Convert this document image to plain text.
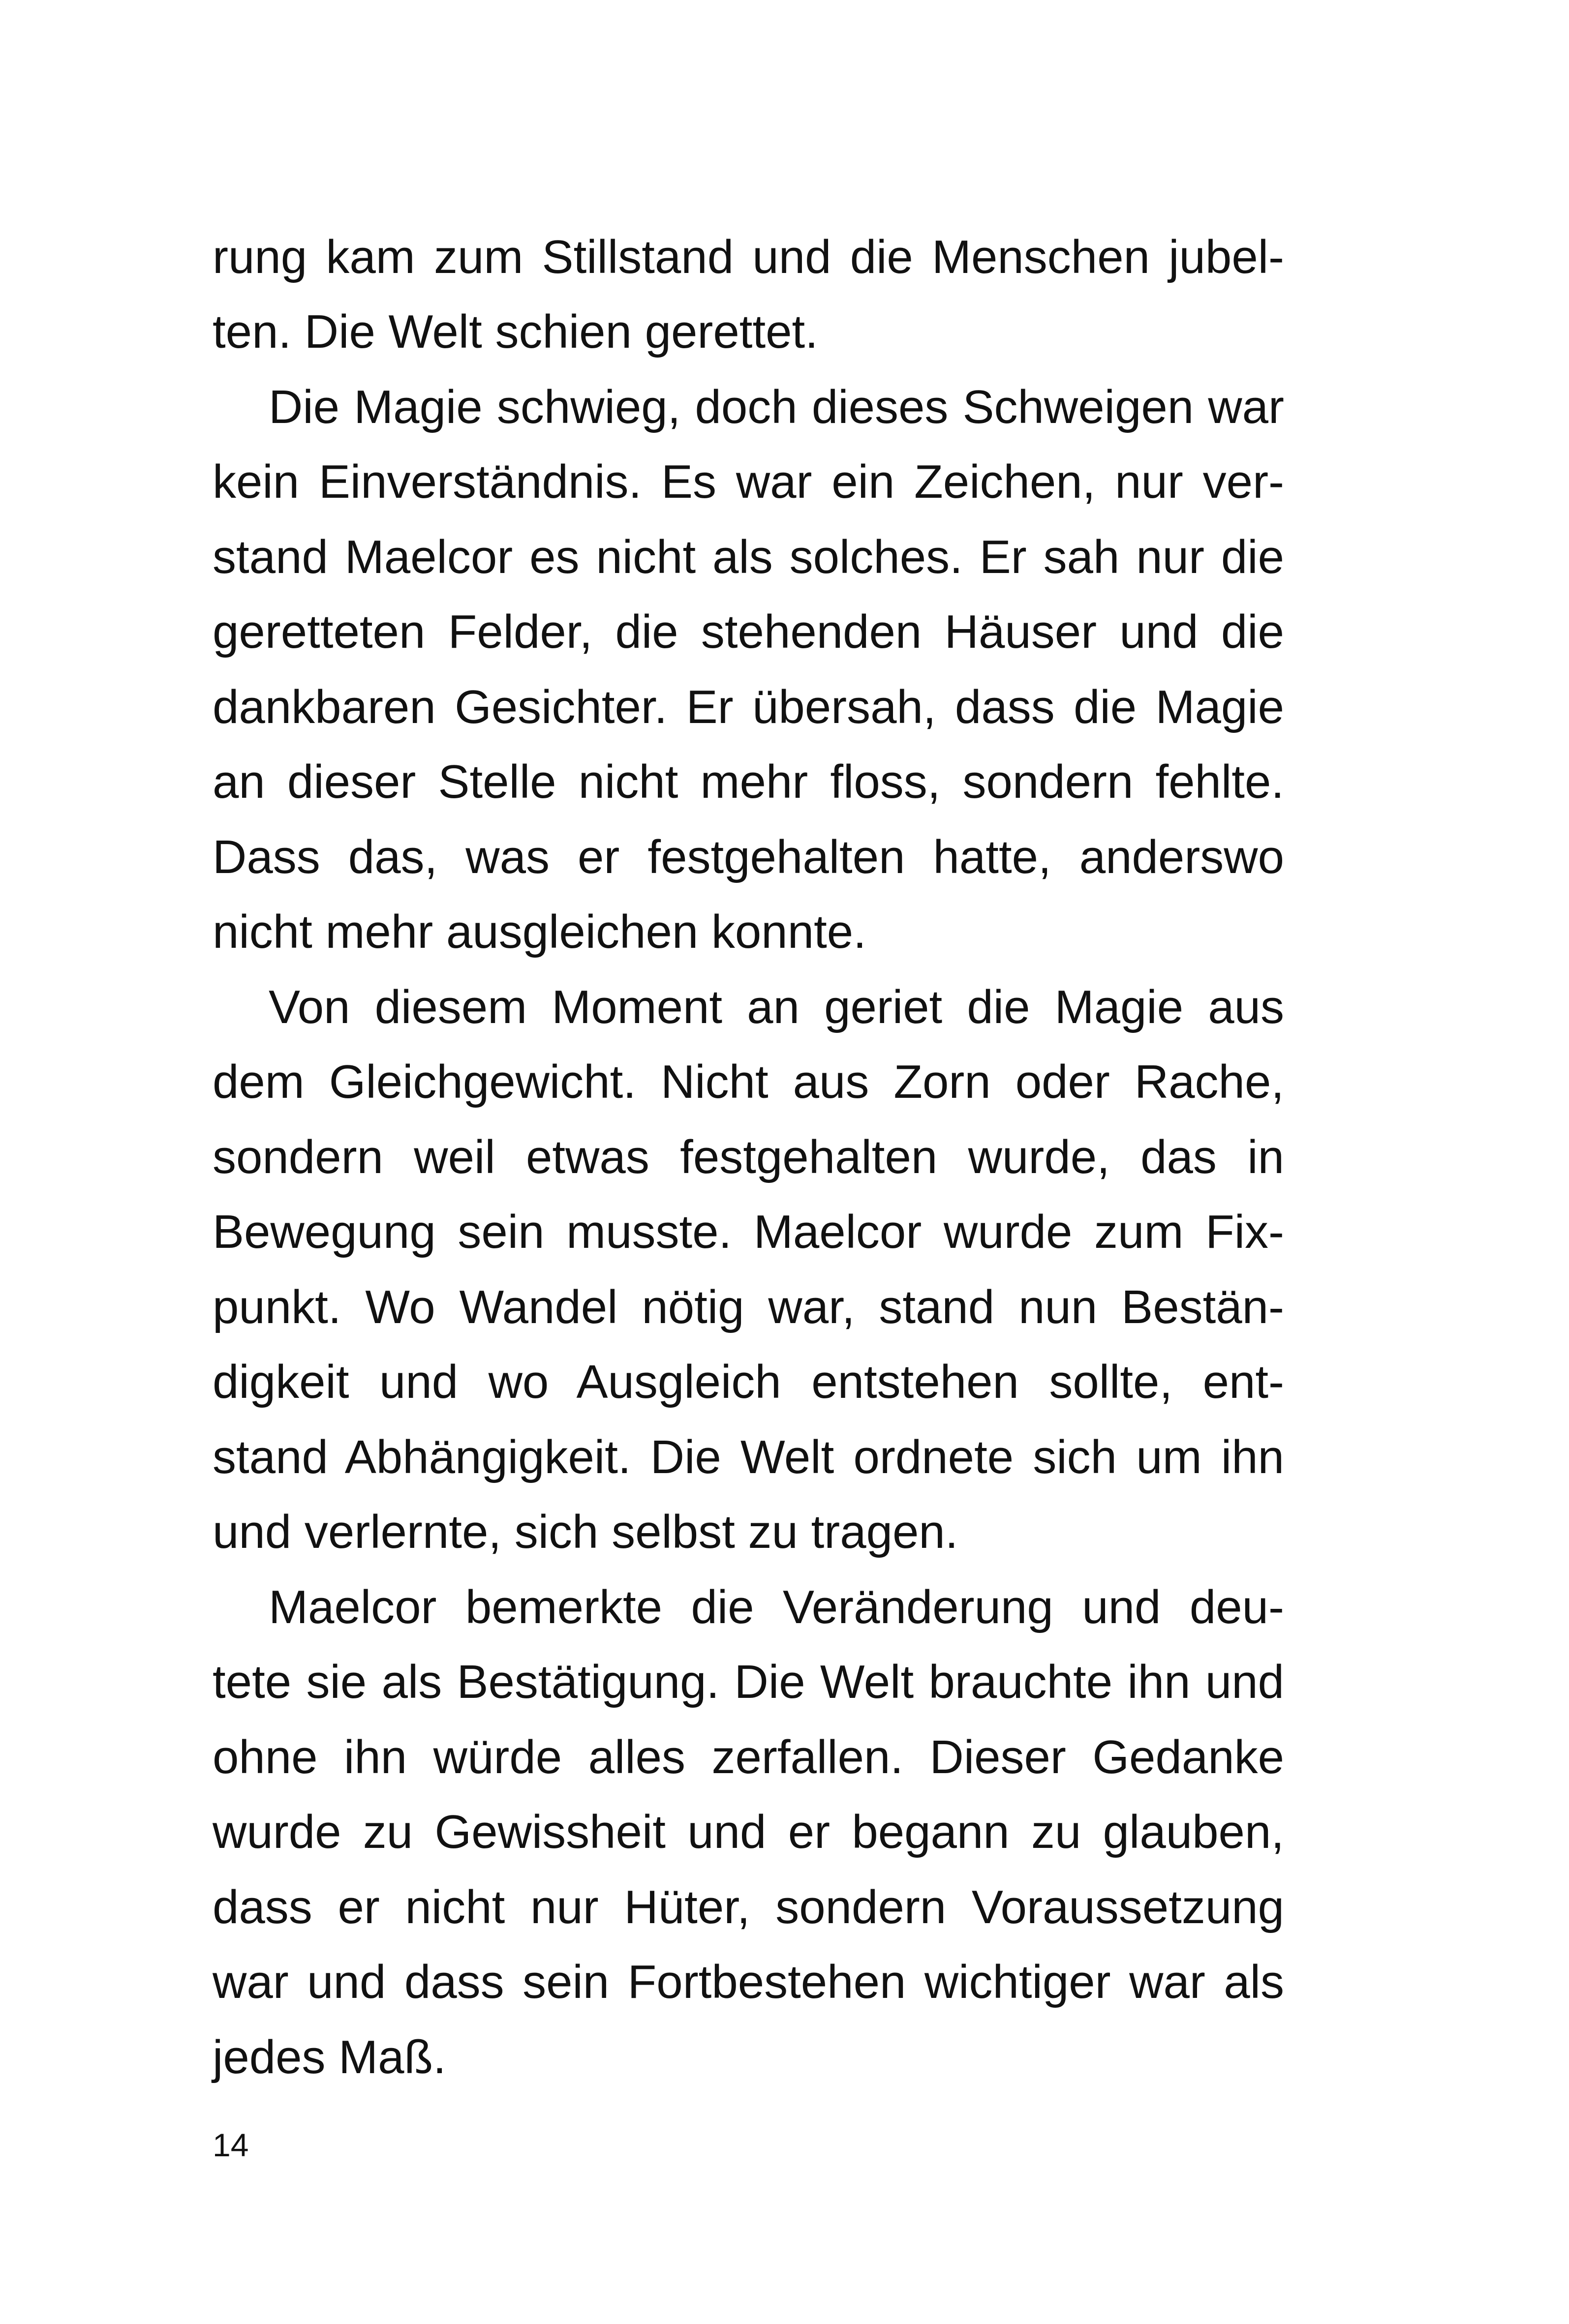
rung kam zum Stillstand und die Menschen jubel-
ten. Die Welt schien gerettet.
Die Magie schwieg, doch dieses Schweigen war
kein Einverständnis. Es war ein Zeichen, nur ver-
stand Maelcor es nicht als solches. Er sah nur die
geretteten Felder, die stehenden Häuser und die
dankbaren Gesichter. Er übersah, dass die Magie
an dieser Stelle nicht mehr floss, sondern fehlte.
Dass das, was er festgehalten hatte, anderswo
nicht mehr ausgleichen konnte.
Von diesem Moment an geriet die Magie aus
dem Gleichgewicht. Nicht aus Zorn oder Rache,
sondern weil etwas festgehalten wurde, das in
Bewegung sein musste. Maelcor wurde zum Fix-
punkt. Wo Wandel nötig war, stand nun Bestän-
digkeit und wo Ausgleich entstehen sollte, ent-
stand Abhängigkeit. Die Welt ordnete sich um ihn
und verlernte, sich selbst zu tragen.
Maelcor bemerkte die Veränderung und deu-
tete sie als Bestätigung. Die Welt brauchte ihn und
ohne ihn würde alles zerfallen. Dieser Gedanke
wurde zu Gewissheit und er begann zu glauben,
dass er nicht nur Hüter, sondern Voraussetzung
war und dass sein Fortbestehen wichtiger war als
jedes Maß.
14
